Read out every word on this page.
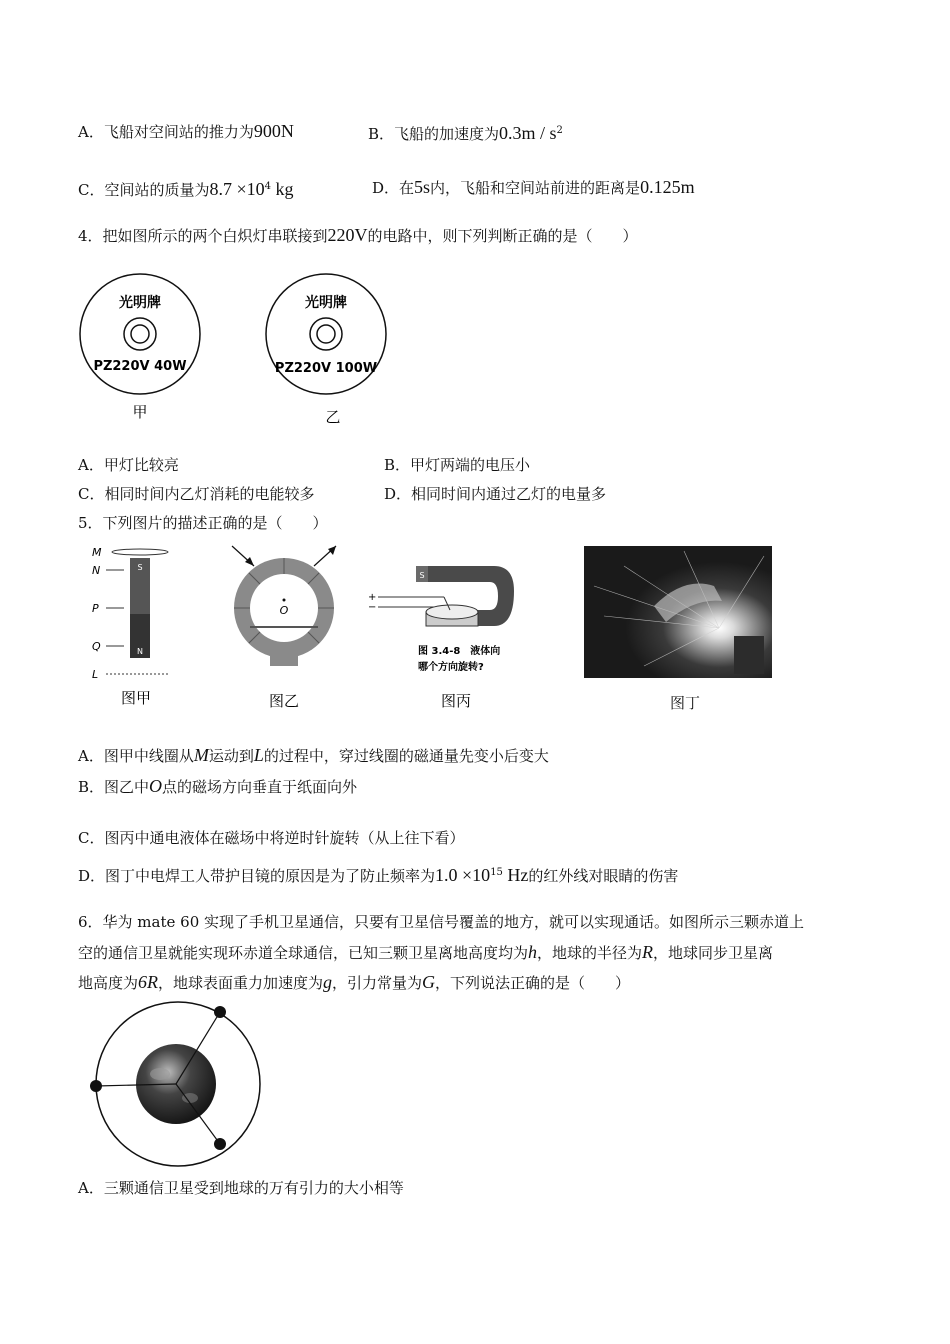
A．飞船对空间站的推力为900N	B．飞船的加速度为$0.3m / s^2$
C．空间站的质量为$8.7 \times 10^4$ kg	D．在5s内，飞船和空间站前进的距离是0.125m
4．把如图所示的两个白炽灯串联接到220V的电路中，则下列判断正确的是（　　）
光明牌
PZ220V 40W
甲
光明牌
PZ220V 100W
乙
A．甲灯比较亮	B．甲灯两端的电压小
C．相同时间内乙灯消耗的电能较多	D．相同时间内通过乙灯的电量多
5．下列图片的描述正确的是（　　）
M
N
P
Q
L
S
N
图甲
O
图乙
S
+
−
图 3.4-8　液体向
哪个方向旋转?
图丙	图丁
A．图甲中线圈从M运动到L的过程中，穿过线圈的磁通量先变小后变大
B．图乙中O点的磁场方向垂直于纸面向外
C．图丙中通电液体在磁场中将逆时针旋转（从上往下看）
D．图丁中电焊工人带护目镜的原因是为了防止频率为$1.0 \times 10^{15}$ Hz的红外线对眼睛的伤害
6．华为 mate 60 实现了手机卫星通信，只要有卫星信号覆盖的地方，就可以实现通话。如图所示三颗赤道上
空的通信卫星就能实现环赤道全球通信，已知三颗卫星离地高度均为h，地球的半径为R，地球同步卫星离
地高度为6R，地球表面重力加速度为g，引力常量为G，下列说法正确的是（　　）
A．三颗通信卫星受到地球的万有引力的大小相等
